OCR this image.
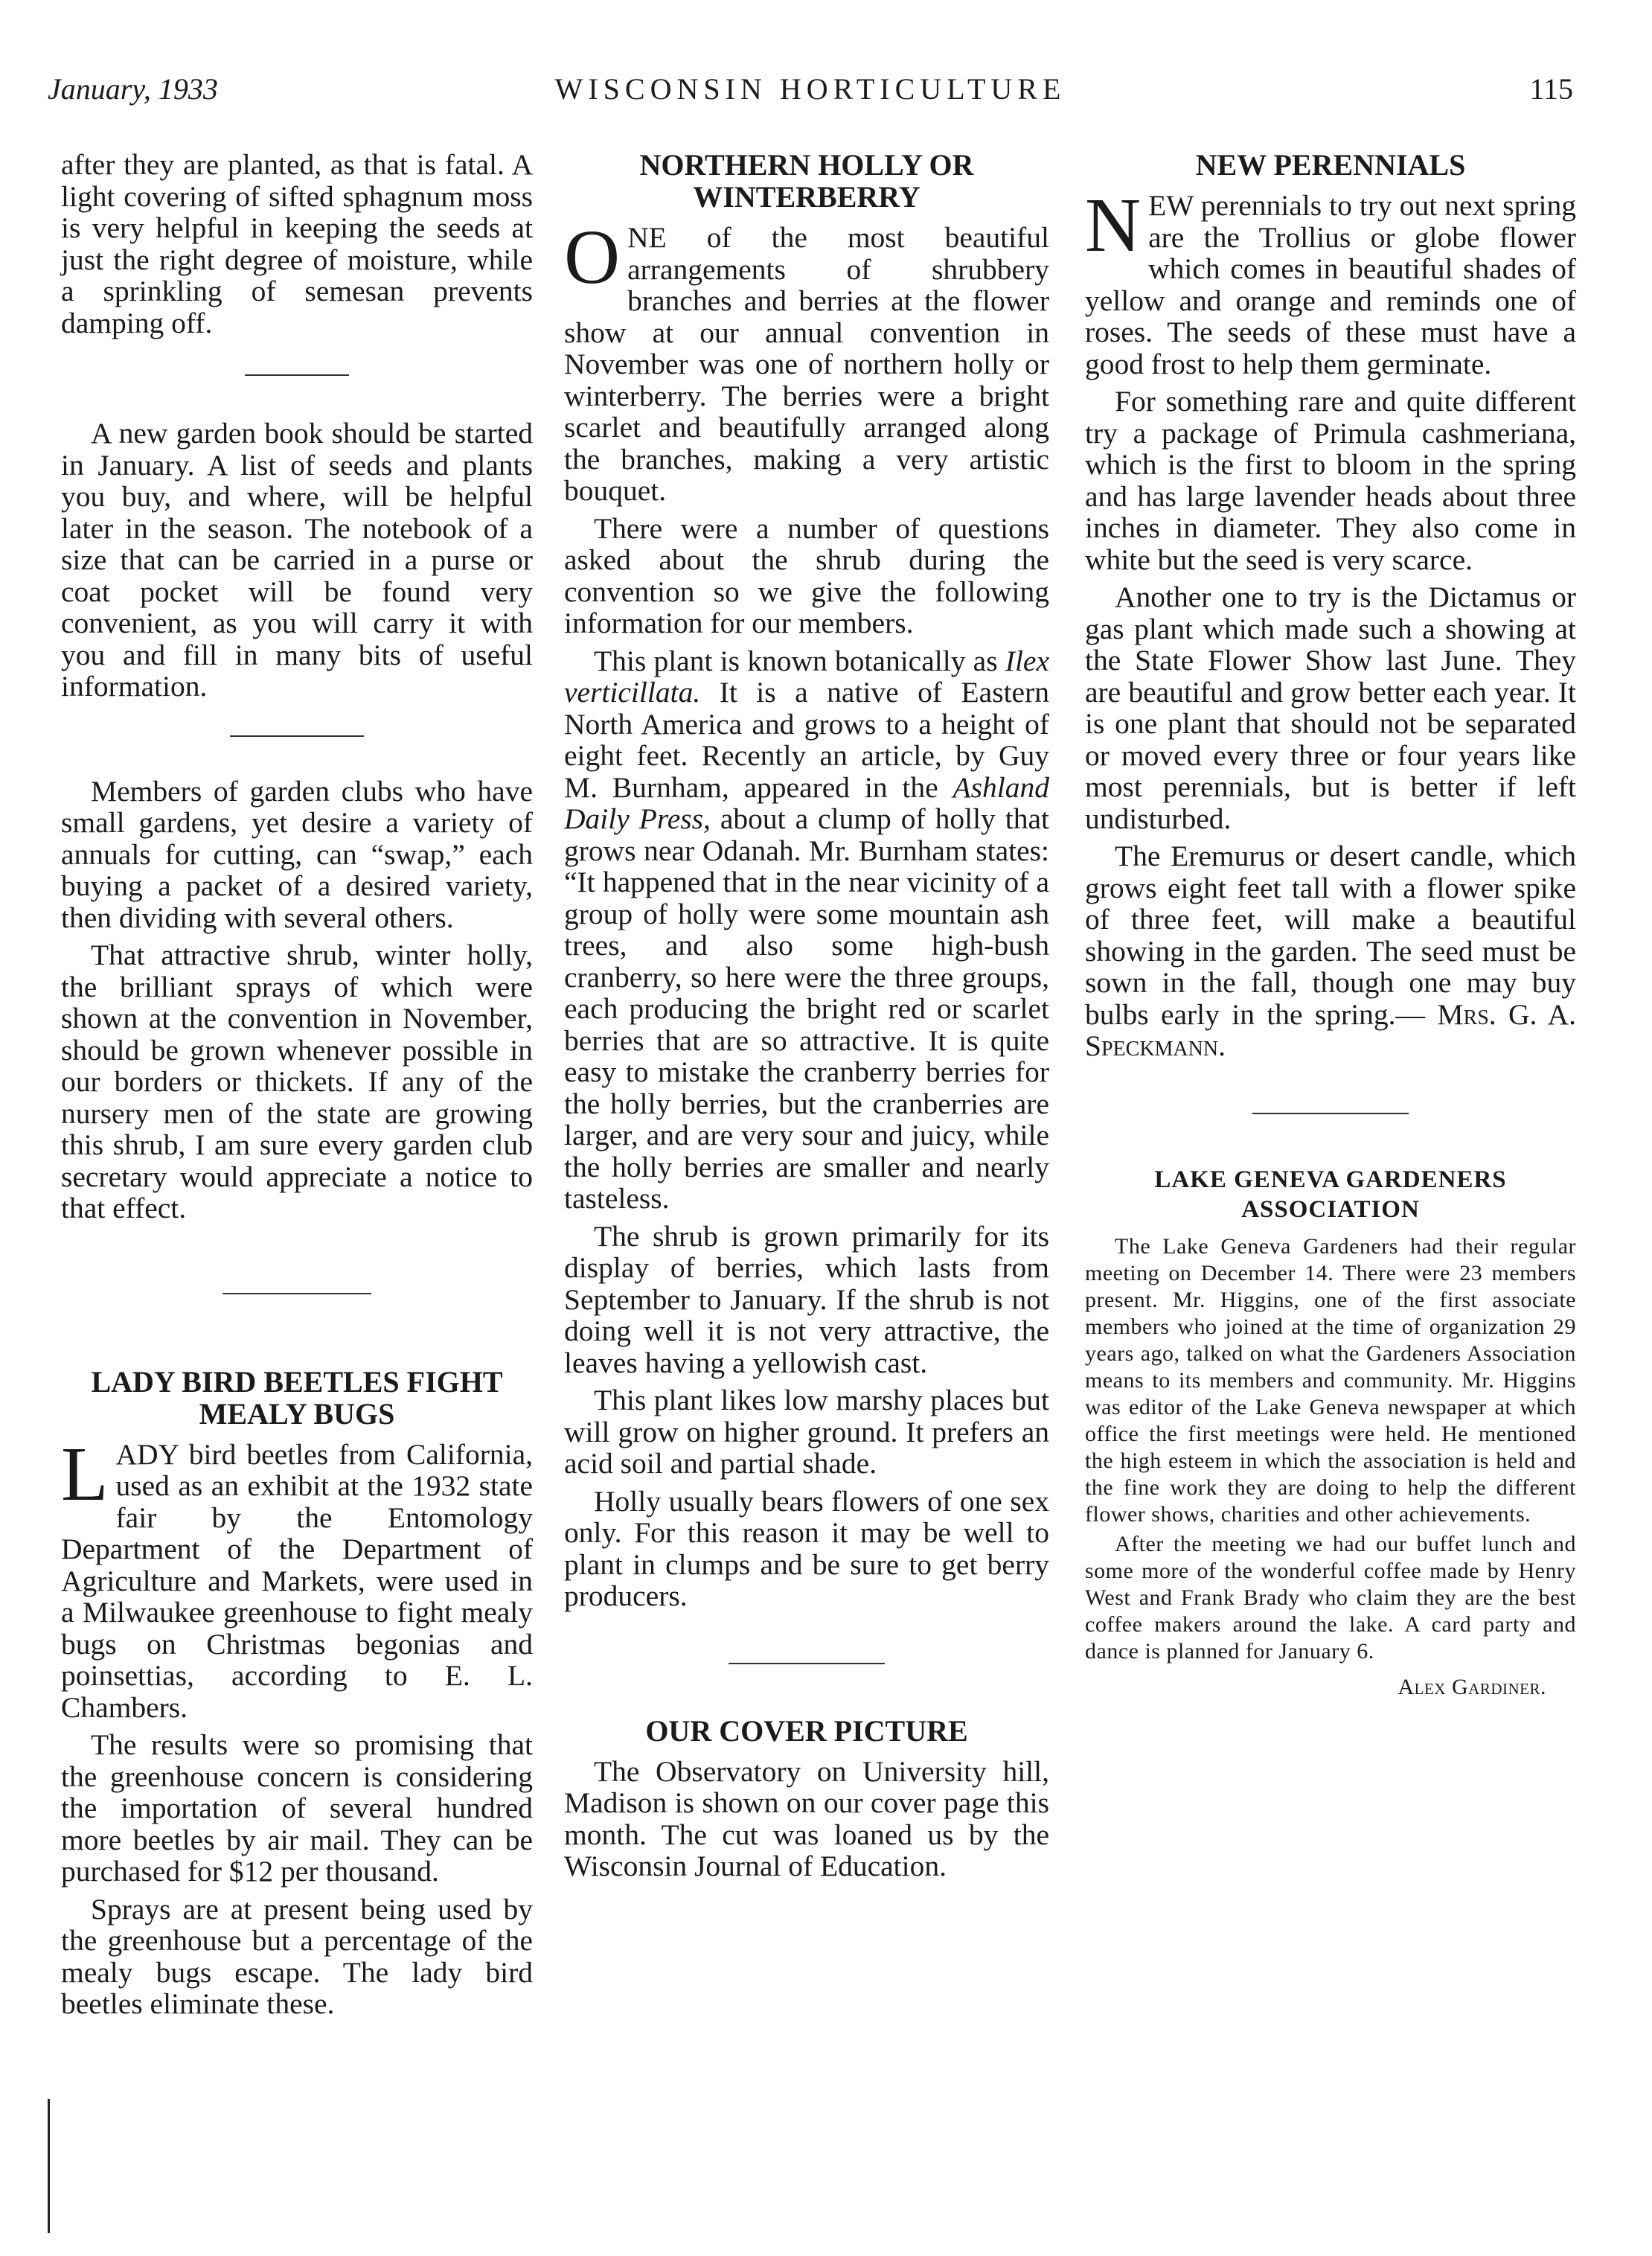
January, 1933	WISCONSIN HORTICULTURE	115

after they are planted, as that is fatal. A light covering of sifted sphagnum moss is very helpful in keeping the seeds at just the right degree of moisture, while a sprinkling of semesan prevents damping off.

A new garden book should be started in January. A list of seeds and plants you buy, and where, will be helpful later in the season. The notebook of a size that can be carried in a purse or coat pocket will be found very convenient, as you will carry it with you and fill in many bits of useful information.

Members of garden clubs who have small gardens, yet desire a variety of annuals for cutting, can “swap,” each buying a packet of a desired variety, then dividing with several others.

That attractive shrub, winter holly, the brilliant sprays of which were shown at the convention in November, should be grown whenever possible in our borders or thickets. If any of the nursery men of the state are growing this shrub, I am sure every garden club secretary would appreciate a notice to that effect.

LADY BIRD BEETLES FIGHT MEALY BUGS

LADY bird beetles from California, used as an exhibit at the 1932 state fair by the Entomology Department of the Department of Agriculture and Markets, were used in a Milwaukee greenhouse to fight mealy bugs on Christmas begonias and poinsettias, according to E. L. Chambers.

The results were so promising that the greenhouse concern is considering the importation of several hundred more beetles by air mail. They can be purchased for $12 per thousand.

Sprays are at present being used by the greenhouse but a percentage of the mealy bugs escape. The lady bird beetles eliminate these.

NORTHERN HOLLY OR WINTERBERRY

ONE of the most beautiful arrangements of shrubbery branches and berries at the flower show at our annual convention in November was one of northern holly or winterberry. The berries were a bright scarlet and beautifully arranged along the branches, making a very artistic bouquet.

There were a number of questions asked about the shrub during the convention so we give the following information for our members.

This plant is known botanically as Ilex verticillata. It is a native of Eastern North America and grows to a height of eight feet. Recently an article, by Guy M. Burnham, appeared in the Ashland Daily Press, about a clump of holly that grows near Odanah. Mr. Burnham states: “It happened that in the near vicinity of a group of holly were some mountain ash trees, and also some high-bush cranberry, so here were the three groups, each producing the bright red or scarlet berries that are so attractive. It is quite easy to mistake the cranberry berries for the holly berries, but the cranberries are larger, and are very sour and juicy, while the holly berries are smaller and nearly tasteless.

The shrub is grown primarily for its display of berries, which lasts from September to January. If the shrub is not doing well it is not very attractive, the leaves having a yellowish cast.

This plant likes low marshy places but will grow on higher ground. It prefers an acid soil and partial shade.

Holly usually bears flowers of one sex only. For this reason it may be well to plant in clumps and be sure to get berry producers.

OUR COVER PICTURE

The Observatory on University hill, Madison is shown on our cover page this month. The cut was loaned us by the Wisconsin Journal of Education.

NEW PERENNIALS

NEW perennials to try out next spring are the Trollius or globe flower which comes in beautiful shades of yellow and orange and reminds one of roses. The seeds of these must have a good frost to help them germinate.

For something rare and quite different try a package of Primula cashmeriana, which is the first to bloom in the spring and has large lavender heads about three inches in diameter. They also come in white but the seed is very scarce.

Another one to try is the Dictamus or gas plant which made such a showing at the State Flower Show last June. They are beautiful and grow better each year. It is one plant that should not be separated or moved every three or four years like most perennials, but is better if left undisturbed.

The Eremurus or desert candle, which grows eight feet tall with a flower spike of three feet, will make a beautiful showing in the garden. The seed must be sown in the fall, though one may buy bulbs early in the spring.— Mrs. G. A. Speckmann.

LAKE GENEVA GARDENERS ASSOCIATION

The Lake Geneva Gardeners had their regular meeting on December 14. There were 23 members present. Mr. Higgins, one of the first associate members who joined at the time of organization 29 years ago, talked on what the Gardeners Association means to its members and community. Mr. Higgins was editor of the Lake Geneva newspaper at which office the first meetings were held. He mentioned the high esteem in which the association is held and the fine work they are doing to help the different flower shows, charities and other achievements.

After the meeting we had our buffet lunch and some more of the wonderful coffee made by Henry West and Frank Brady who claim they are the best coffee makers around the lake. A card party and dance is planned for January 6.

Alex Gardiner.
